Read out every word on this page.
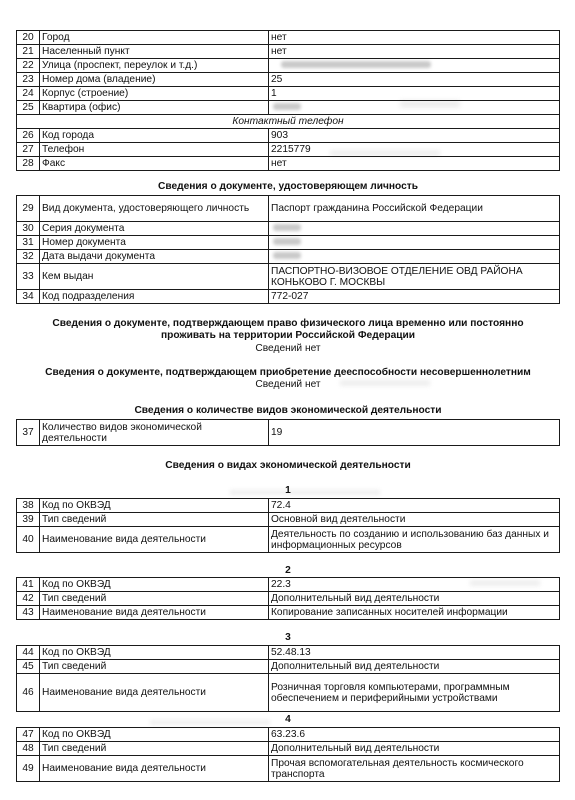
20	Город	нет
21	Населенный пункт	нет
22	Улица (проспект, переулок и т.д.)	
23	Номер дома (владение)	25
24	Корпус (строение)	1
25	Квартира (офис)	
Контактный телефон		
26	Код города	903
27	Телефон	2215779
28	Факс	нет
Сведения о документе, удостоверяющем личность
29	Вид документа, удостоверяющего личность	Паспорт гражданина Российской Федерации
30	Серия документа	
31	Номер документа	
32	Дата выдачи документа	
33	Кем выдан	ПАСПОРТНО-ВИЗОВОЕ ОТДЕЛЕНИЕ ОВД РАЙОНА КОНЬКОВО Г. МОСКВЫ
34	Код подразделения	772-027
Сведения о документе, подтверждающем право физического лица временно или постоянно проживать на территории Российской Федерации
Сведений нет
Сведения о документе, подтверждающем приобретение дееспособности несовершеннолетним
Сведений нет
Сведения о количестве видов экономической деятельности
37	Количество видов экономической деятельности	19
Сведения о видах экономической деятельности
1
38	Код по ОКВЭД	72.4
39	Тип сведений	Основной вид деятельности
40	Наименование вида деятельности	Деятельность по созданию и использованию баз данных и информационных ресурсов
2
41	Код по ОКВЭД	22.3
42	Тип сведений	Дополнительный вид деятельности
43	Наименование вида деятельности	Копирование записанных носителей информации
3
44	Код по ОКВЭД	52.48.13
45	Тип сведений	Дополнительный вид деятельности
46	Наименование вида деятельности	Розничная торговля компьютерами, программным обеспечением и периферийными устройствами
4
47	Код по ОКВЭД	63.23.6
48	Тип сведений	Дополнительный вид деятельности
49	Наименование вида деятельности	Прочая вспомогательная деятельность космического транспорта
